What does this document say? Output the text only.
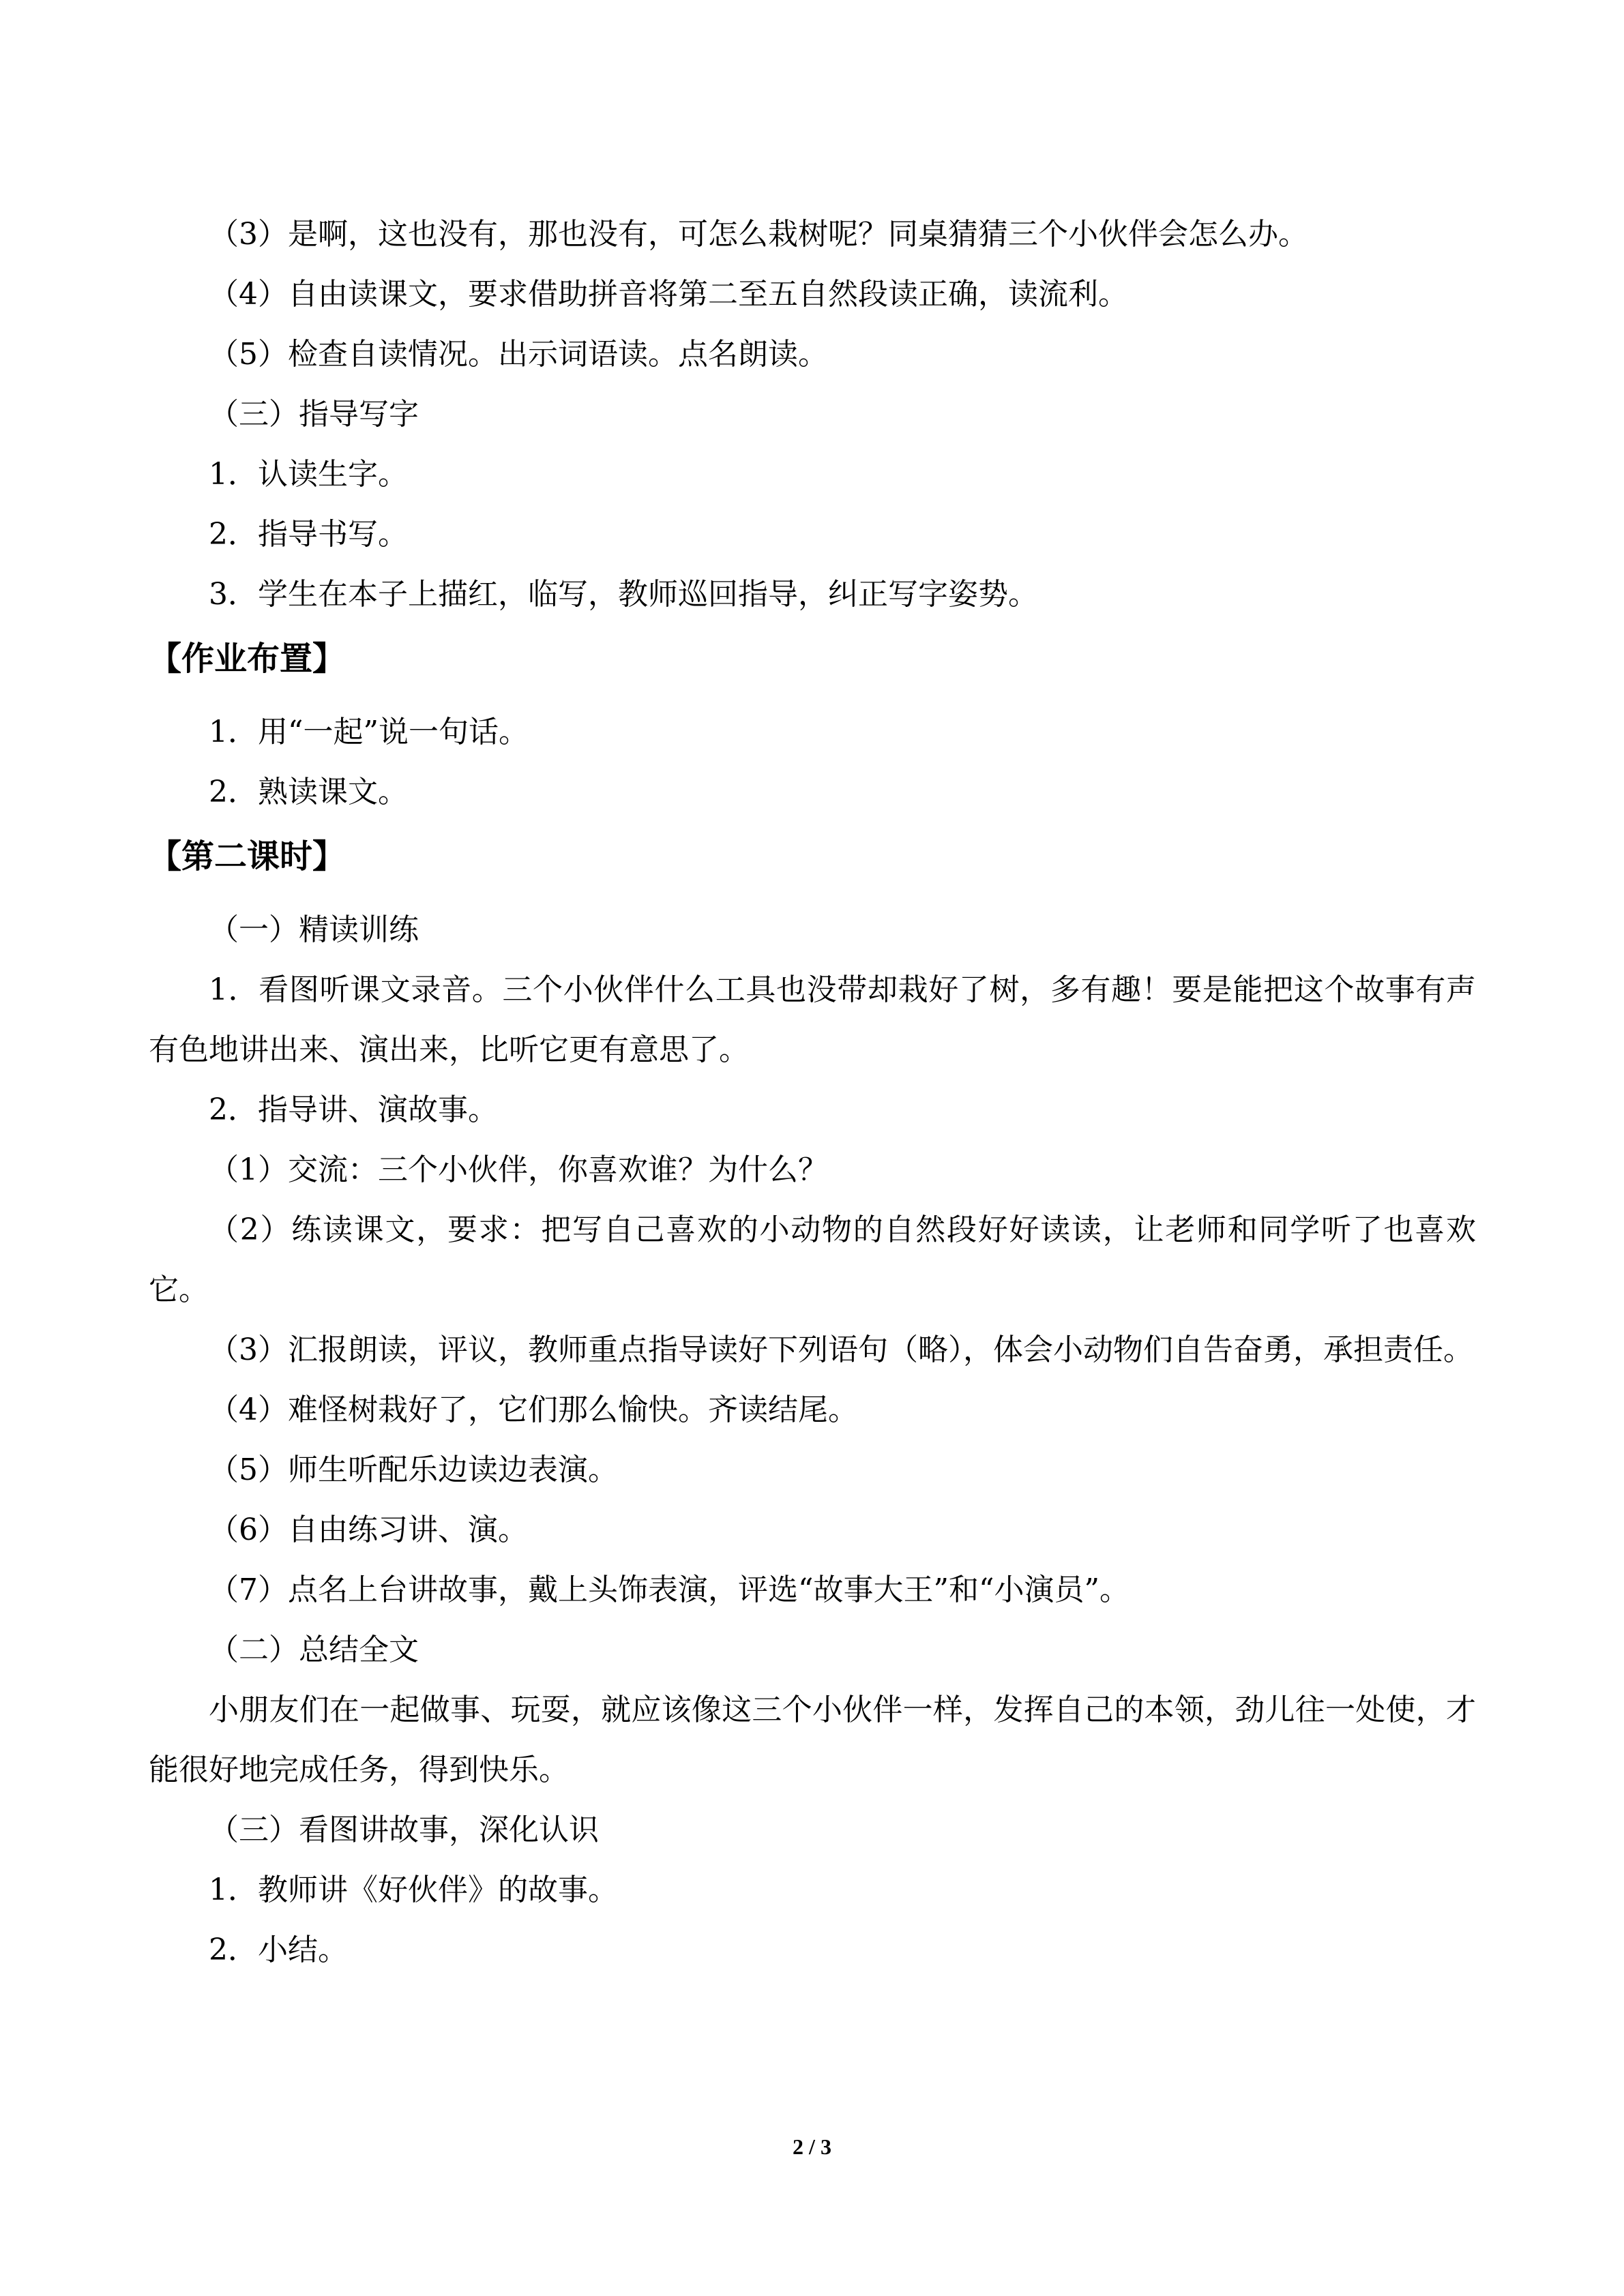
（3）是啊，这也没有，那也没有，可怎么栽树呢？同桌猜猜三个小伙伴会怎么办。

（4）自由读课文，要求借助拼音将第二至五自然段读正确，读流利。

（5）检查自读情况。出示词语读。点名朗读。

（三）指导写字

1．认读生字。

2．指导书写。

3．学生在本子上描红，临写，教师巡回指导，纠正写字姿势。

【作业布置】

1．用“一起”说一句话。

2．熟读课文。

【第二课时】

（一）精读训练

1．看图听课文录音。三个小伙伴什么工具也没带却栽好了树，多有趣！要是能把这个故事有声有色地讲出来、演出来，比听它更有意思了。

2．指导讲、演故事。

（1）交流：三个小伙伴，你喜欢谁？为什么？

（2）练读课文，要求：把写自己喜欢的小动物的自然段好好读读，让老师和同学听了也喜欢它。

（3）汇报朗读，评议，教师重点指导读好下列语句（略），体会小动物们自告奋勇，承担责任。

（4）难怪树栽好了，它们那么愉快。齐读结尾。

（5）师生听配乐边读边表演。

（6）自由练习讲、演。

（7）点名上台讲故事，戴上头饰表演，评选“故事大王”和“小演员”。

（二）总结全文

小朋友们在一起做事、玩耍，就应该像这三个小伙伴一样，发挥自己的本领，劲儿往一处使，才能很好地完成任务，得到快乐。

（三）看图讲故事，深化认识

1．教师讲《好伙伴》的故事。

2．小结。

2 / 3
